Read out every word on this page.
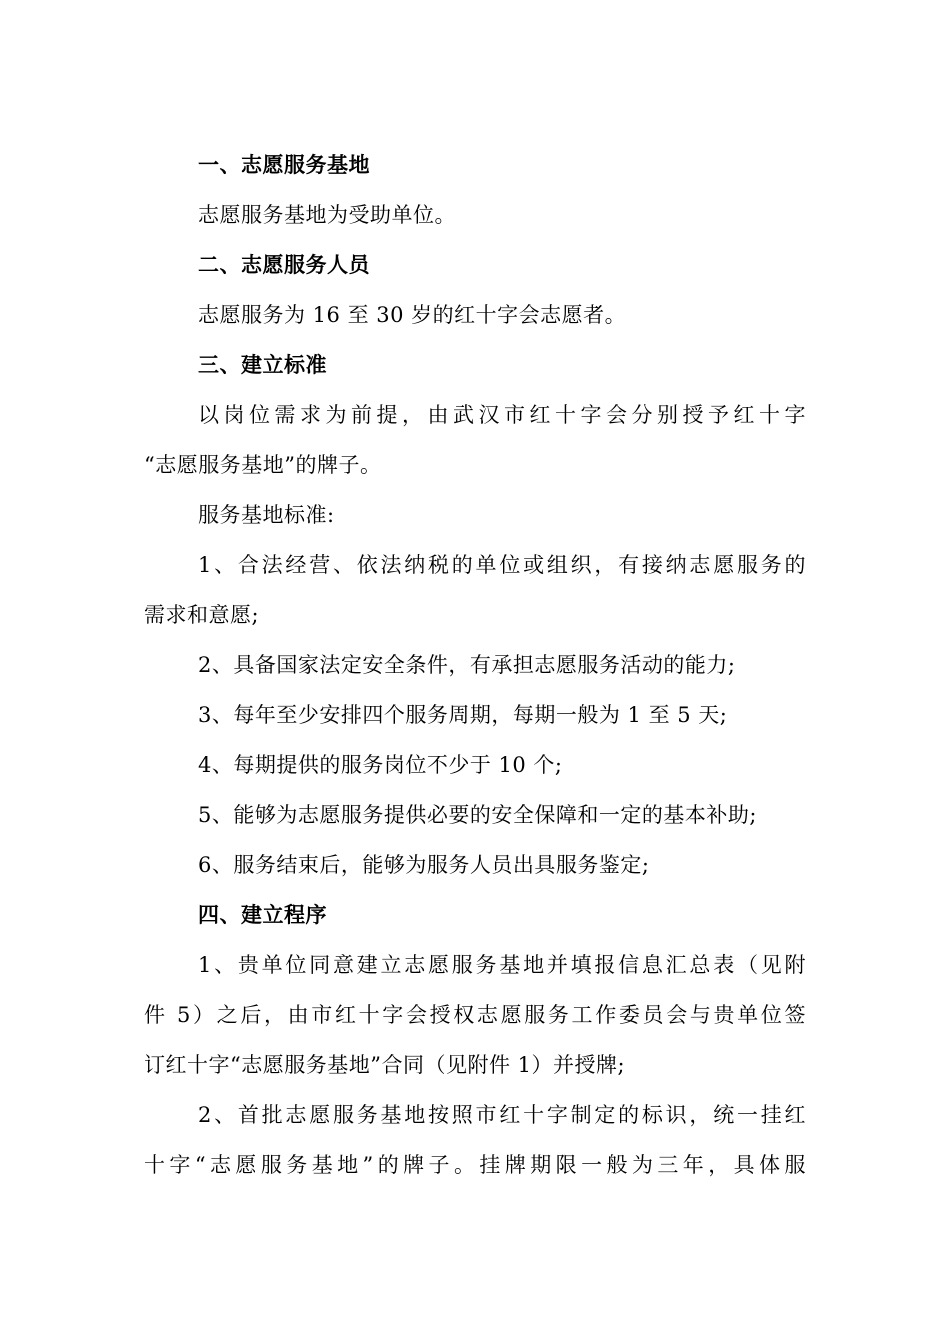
一、志愿服务基地
志愿服务基地为受助单位。
二、志愿服务人员
志愿服务为 16 至 30 岁的红十字会志愿者。
三、建立标准
以岗位需求为前提，由武汉市红十字会分别授予红十字
“志愿服务基地”的牌子。
服务基地标准:
1、合法经营、依法纳税的单位或组织，有接纳志愿服务的
需求和意愿;
2、具备国家法定安全条件，有承担志愿服务活动的能力;
3、每年至少安排四个服务周期，每期一般为 1 至 5 天;
4、每期提供的服务岗位不少于 10 个;
5、能够为志愿服务提供必要的安全保障和一定的基本补助;
6、服务结束后，能够为服务人员出具服务鉴定;
四、建立程序
1、贵单位同意建立志愿服务基地并填报信息汇总表（见附
件 5）之后，由市红十字会授权志愿服务工作委员会与贵单位签
订红十字“志愿服务基地”合同（见附件 1）并授牌;
2、首批志愿服务基地按照市红十字制定的标识，统一挂红
十字“志愿服务基地”的牌子。挂牌期限一般为三年，具体服
